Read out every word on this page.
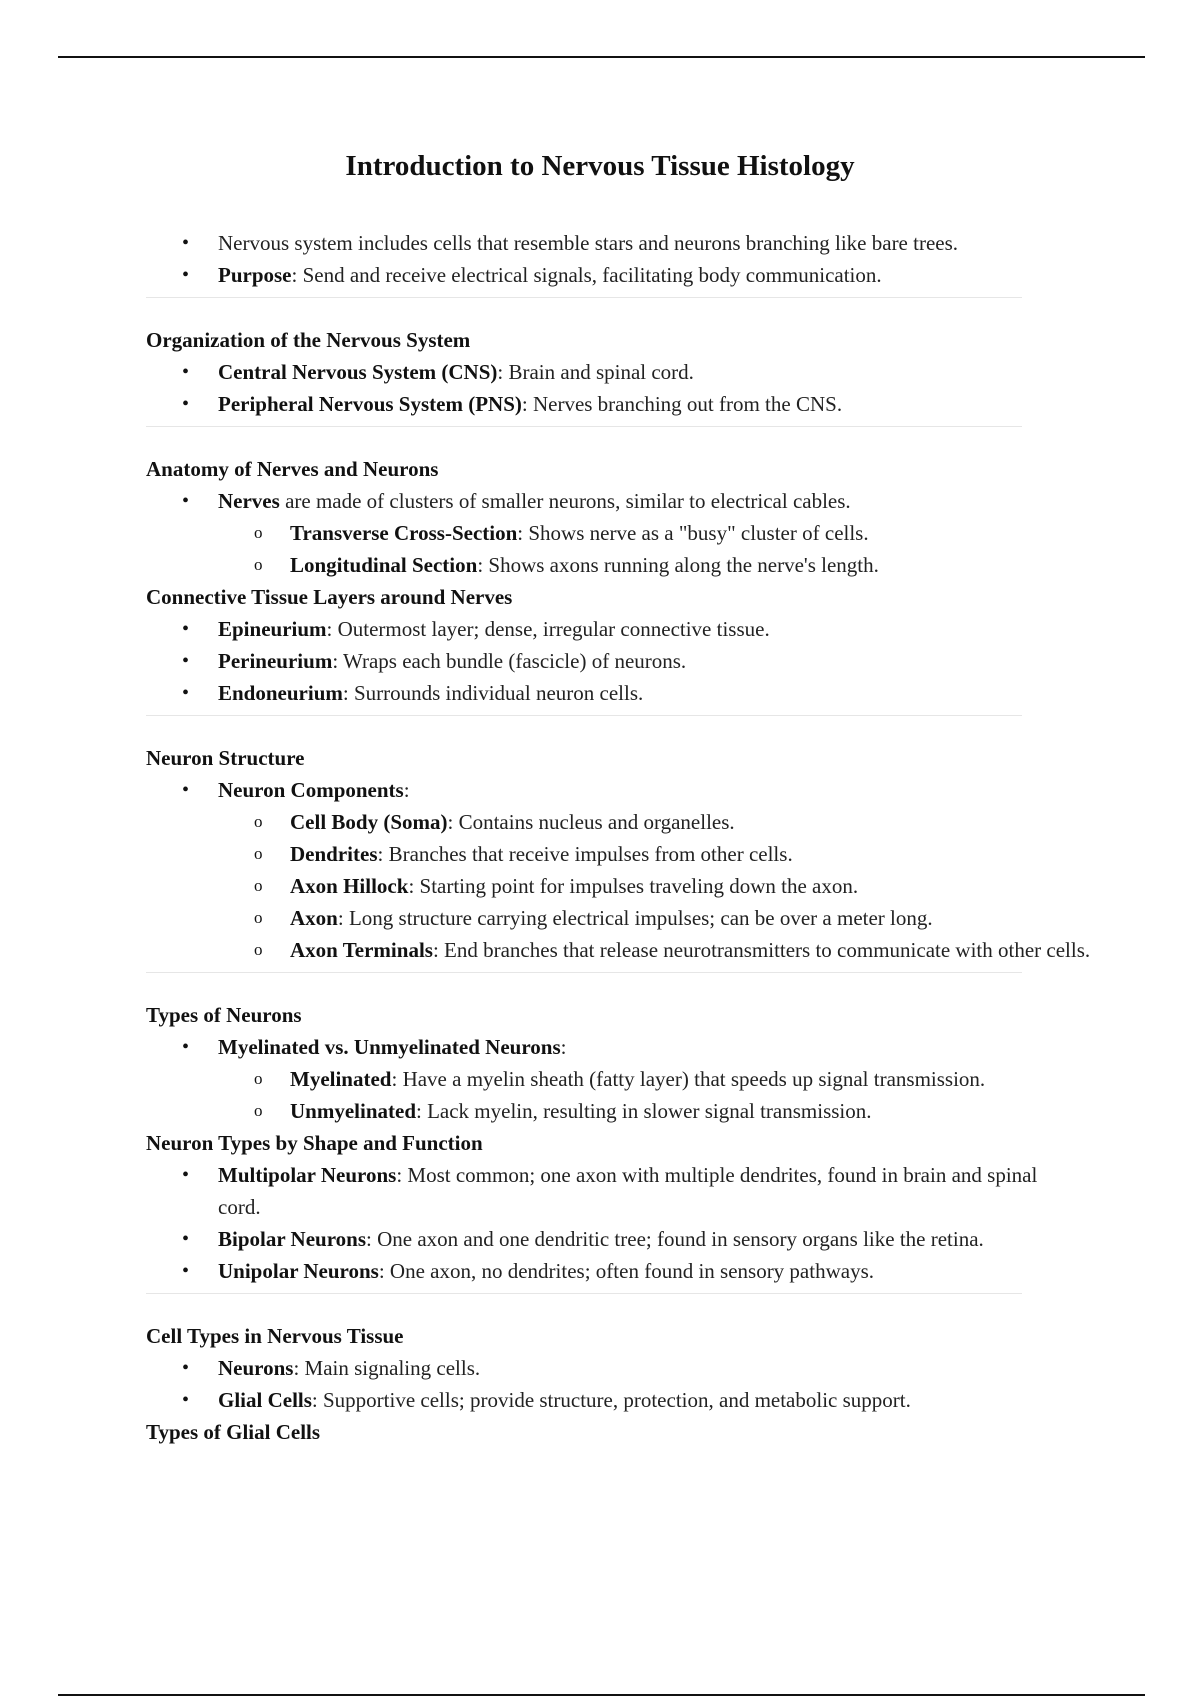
Introduction to Nervous Tissue Histology
• Nervous system includes cells that resemble stars and neurons branching like bare trees.
• Purpose: Send and receive electrical signals, facilitating body communication.

Organization of the Nervous System

• Central Nervous System (CNS): Brain and spinal cord.
• Peripheral Nervous System (PNS): Nerves branching out from the CNS.

Anatomy of Nerves and Neurons

• Nerves are made of clusters of smaller neurons, similar to electrical cables.
o Transverse Cross-Section: Shows nerve as a "busy" cluster of cells.
o Longitudinal Section: Shows axons running along the nerve's length.

Connective Tissue Layers around Nerves

• Epineurium: Outermost layer; dense, irregular connective tissue.
• Perineurium: Wraps each bundle (fascicle) of neurons.
• Endoneurium: Surrounds individual neuron cells.

Neuron Structure

• Neuron Components:
o Cell Body (Soma): Contains nucleus and organelles.
o Dendrites: Branches that receive impulses from other cells.
o Axon Hillock: Starting point for impulses traveling down the axon.
o Axon: Long structure carrying electrical impulses; can be over a meter long.
o Axon Terminals: End branches that release neurotransmitters to communicate with other cells.

Types of Neurons

• Myelinated vs. Unmyelinated Neurons:
o Myelinated: Have a myelin sheath (fatty layer) that speeds up signal transmission.
o Unmyelinated: Lack myelin, resulting in slower signal transmission.

Neuron Types by Shape and Function

• Multipolar Neurons: Most common; one axon with multiple dendrites, found in brain and spinal cord.
• Bipolar Neurons: One axon and one dendritic tree; found in sensory organs like the retina.
• Unipolar Neurons: One axon, no dendrites; often found in sensory pathways.

Cell Types in Nervous Tissue

• Neurons: Main signaling cells.
• Glial Cells: Supportive cells; provide structure, protection, and metabolic support.

Types of Glial Cells
